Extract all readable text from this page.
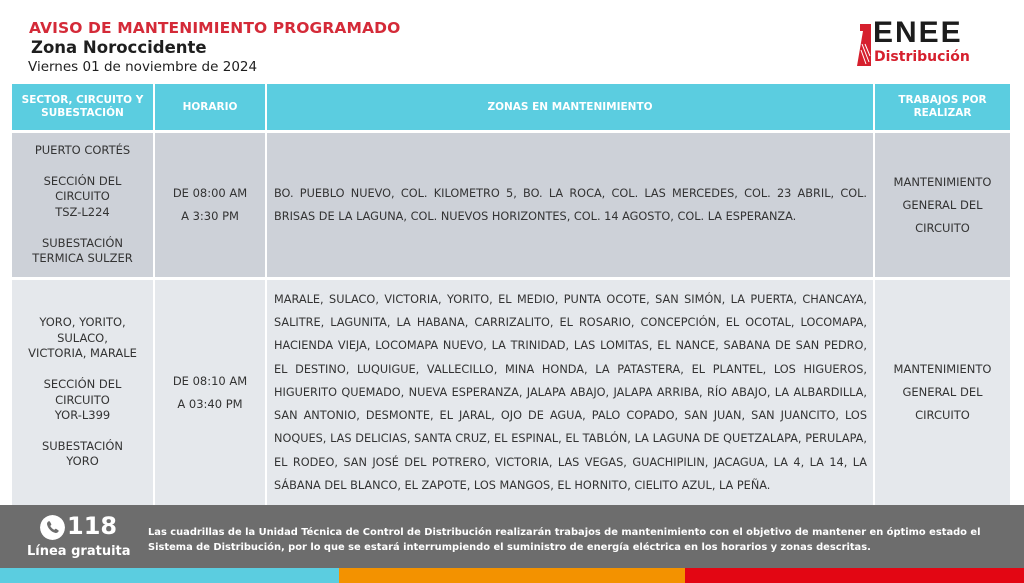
AVISO DE MANTENIMIENTO PROGRAMADO
Zona Noroccidente
Viernes 01 de noviembre de 2024
ENEE
Distribución
SECTOR, CIRCUITO Y SUBESTACIÓN
HORARIO	ZONAS EN MANTENIMIENTO
TRABAJOS POR REALIZAR
PUERTO CORTÉS
SECCIÓN DEL CIRCUITO
TSZ-L224
SUBESTACIÓN
TERMICA SULZER
DE 08:00 AM
A 3:30 PM
BO. PUEBLO NUEVO, COL. KILOMETRO 5, BO. LA ROCA, COL. LAS MERCEDES, COL. 23 ABRIL, COL. BRISAS DE LA LAGUNA, COL. NUEVOS HORIZONTES, COL. 14 AGOSTO, COL. LA ESPERANZA.
MANTENIMIENTO GENERAL DEL CIRCUITO
YORO, YORITO, SULACO, VICTORIA, MARALE
SECCIÓN DEL CIRCUITO
YOR-L399
SUBESTACIÓN
YORO
DE 08:10 AM
A 03:40 PM
MARALE, SULACO, VICTORIA, YORITO, EL MEDIO, PUNTA OCOTE, SAN SIMÓN, LA PUERTA, CHANCAYA, SALITRE, LAGUNITA, LA HABANA, CARRIZALITO, EL ROSARIO, CONCEPCIÓN, EL OCOTAL, LOCOMAPA, HACIENDA VIEJA, LOCOMAPA NUEVO, LA TRINIDAD, LAS LOMITAS, EL NANCE, SABANA DE SAN PEDRO, EL DESTINO, LUQUIGUE, VALLECILLO, MINA HONDA, LA PATASTERA, EL PLANTEL, LOS HIGUEROS, HIGUERITO QUEMADO, NUEVA ESPERANZA, JALAPA ABAJO, JALAPA ARRIBA, RÍO ABAJO, LA ALBARDILLA, SAN ANTONIO, DESMONTE, EL JARAL, OJO DE AGUA, PALO COPADO, SAN JUAN, SAN JUANCITO, LOS NOQUES, LAS DELICIAS, SANTA CRUZ, EL ESPINAL, EL TABLÓN, LA LAGUNA DE QUETZALAPA, PERULAPA, EL RODEO, SAN JOSÉ DEL POTRERO, VICTORIA, LAS VEGAS, GUACHIPILIN, JACAGUA, LA 4, LA 14, LA SÁBANA DEL BLANCO, EL ZAPOTE, LOS MANGOS, EL HORNITO, CIELITO AZUL, LA PEÑA.
MANTENIMIENTO GENERAL DEL CIRCUITO
118
Línea gratuita
Las cuadrillas de la Unidad Técnica de Control de Distribución realizarán trabajos de mantenimiento con el objetivo de mantener en óptimo estado el Sistema de Distribución, por lo que se estará interrumpiendo el suministro de energía eléctrica en los horarios y zonas descritas.
